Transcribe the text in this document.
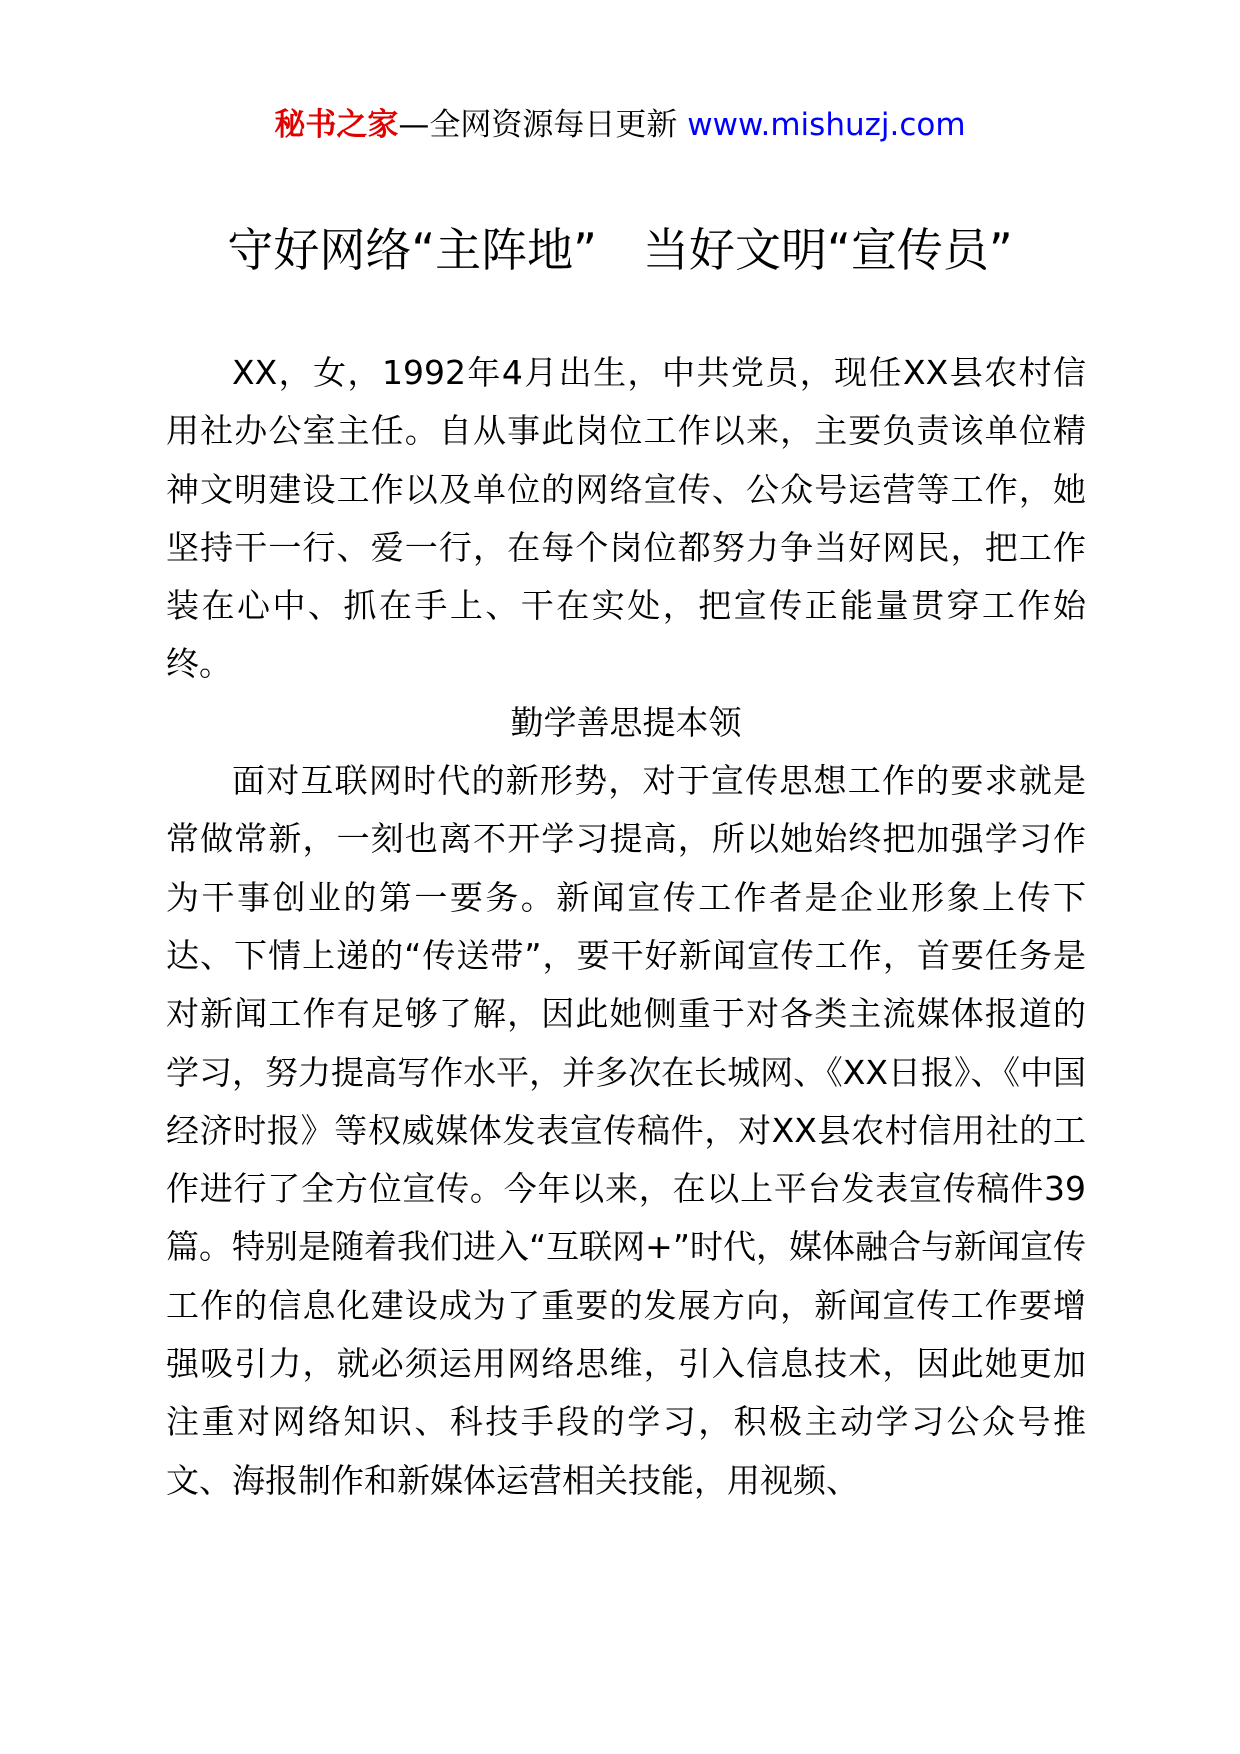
秘书之家—全网资源每日更新 www.mishuzj.com
守好网络“主阵地” 当好文明“宣传员”

XX，女，1992年4月出生，中共党员，现任XX县农村信用社办公室主任。自从事此岗位工作以来，主要负责该单位精神文明建设工作以及单位的网络宣传、公众号运营等工作，她坚持干一行、爱一行，在每个岗位都努力争当好网民，把工作装在心中、抓在手上、干在实处，把宣传正能量贯穿工作始终。

勤学善思提本领

面对互联网时代的新形势，对于宣传思想工作的要求就是常做常新，一刻也离不开学习提高，所以她始终把加强学习作为干事创业的第一要务。新闻宣传工作者是企业形象上传下达、下情上递的“传送带”，要干好新闻宣传工作，首要任务是对新闻工作有足够了解，因此她侧重于对各类主流媒体报道的学习，努力提高写作水平，并多次在长城网、《XX日报》、《中国经济时报》等权威媒体发表宣传稿件，对XX县农村信用社的工作进行了全方位宣传。今年以来，在以上平台发表宣传稿件39篇。特别是随着我们进入“互联网+”时代，媒体融合与新闻宣传工作的信息化建设成为了重要的发展方向，新闻宣传工作要增强吸引力，就必须运用网络思维，引入信息技术，因此她更加注重对网络知识、科技手段的学习，积极主动学习公众号推文、海报制作和新媒体运营相关技能，用视频、
